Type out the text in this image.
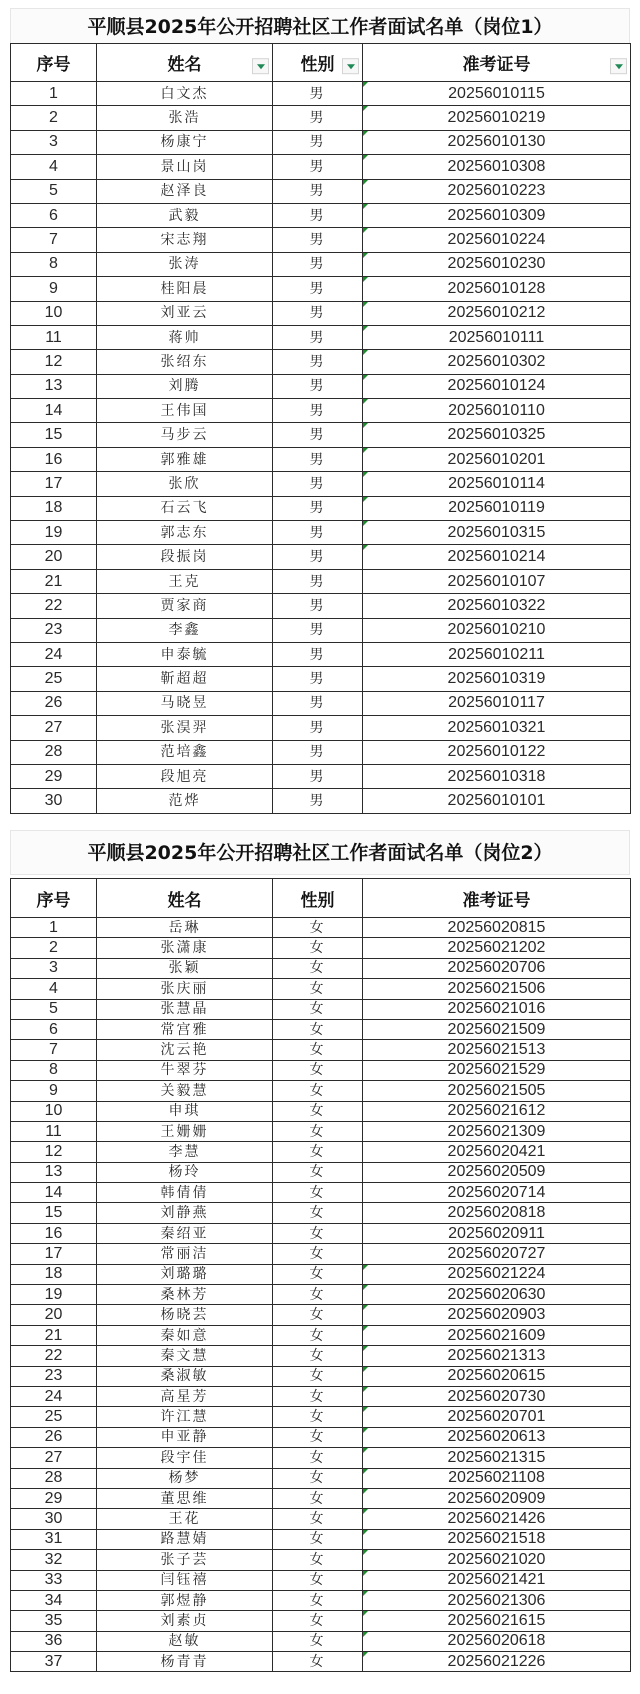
平顺县2025年公开招聘社区工作者面试名单（岗位1）
序号	姓名	性别	准考证号

1	白文杰	男	20256010115
2	张浩	男	20256010219
3	杨康宁	男	20256010130
4	景山岗	男	20256010308
5	赵泽良	男	20256010223
6	武毅	男	20256010309
7	宋志翔	男	20256010224
8	张涛	男	20256010230
9	桂阳晨	男	20256010128
10	刘亚云	男	20256010212
11	蒋帅	男	20256010111
12	张绍东	男	20256010302
13	刘腾	男	20256010124
14	王伟国	男	20256010110
15	马步云	男	20256010325
16	郭雅雄	男	20256010201
17	张欣	男	20256010114
18	石云飞	男	20256010119
19	郭志东	男	20256010315
20	段振岗	男	20256010214
21	王克	男	20256010107
22	贾家商	男	20256010322
23	李鑫	男	20256010210
24	申泰毓	男	20256010211
25	靳超超	男	20256010319
26	马晓昱	男	20256010117
27	张淏羿	男	20256010321
28	范培鑫	男	20256010122
29	段旭亮	男	20256010318
30	范烨	男	20256010101
平顺县2025年公开招聘社区工作者面试名单（岗位2）
序号	姓名	性别	准考证号
1	岳琳	女	20256020815
2	张潇康	女	20256021202
3	张颖	女	20256020706
4	张庆丽	女	20256021506
5	张慧晶	女	20256021016
6	常宫雅	女	20256021509
7	沈云艳	女	20256021513
8	牛翠芬	女	20256021529
9	关毅慧	女	20256021505
10	申琪	女	20256021612
11	王姗姗	女	20256021309
12	李慧	女	20256020421
13	杨玲	女	20256020509
14	韩倩倩	女	20256020714
15	刘静燕	女	20256020818
16	秦绍亚	女	20256020911
17	常丽洁	女	20256020727
18	刘璐璐	女	20256021224
19	桑林芳	女	20256020630
20	杨晓芸	女	20256020903
21	秦如意	女	20256021609
22	秦文慧	女	20256021313
23	桑淑敏	女	20256020615
24	高星芳	女	20256020730
25	许江慧	女	20256020701
26	申亚静	女	20256020613
27	段宇佳	女	20256021315
28	杨梦	女	20256021108
29	董思维	女	20256020909
30	王花	女	20256021426
31	路慧婧	女	20256021518
32	张子芸	女	20256021020
33	闫钰禧	女	20256021421
34	郭煜静	女	20256021306
35	刘素贞	女	20256021615
36	赵敏	女	20256020618
37	杨青青	女	20256021226
